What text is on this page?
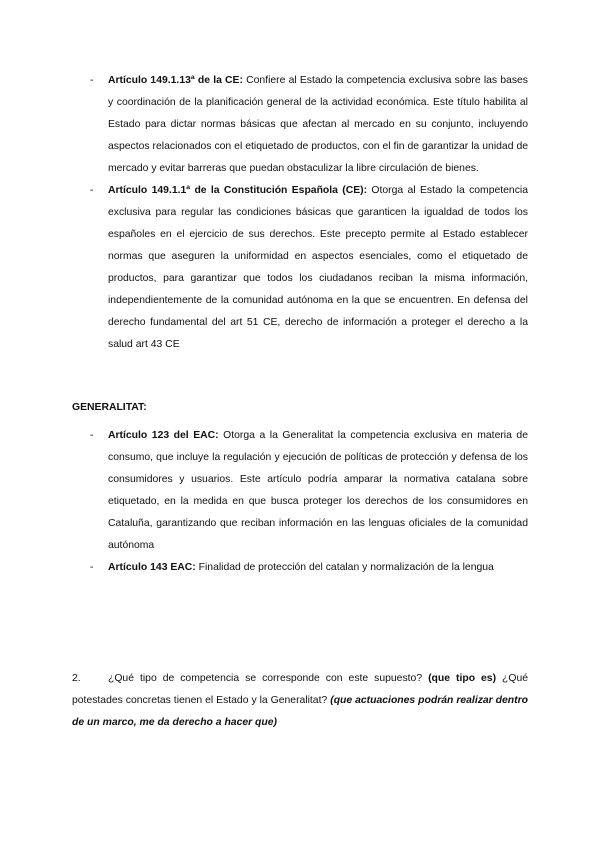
- Artículo 149.1.13ª de la CE: Confiere al Estado la competencia exclusiva sobre las bases y coordinación de la planificación general de la actividad económica. Este título habilita al Estado para dictar normas básicas que afectan al mercado en su conjunto, incluyendo aspectos relacionados con el etiquetado de productos, con el fin de garantizar la unidad de mercado y evitar barreras que puedan obstaculizar la libre circulación de bienes.
- Artículo 149.1.1ª de la Constitución Española (CE): Otorga al Estado la competencia exclusiva para regular las condiciones básicas que garanticen la igualdad de todos los españoles en el ejercicio de sus derechos. Este precepto permite al Estado establecer normas que aseguren la uniformidad en aspectos esenciales, como el etiquetado de productos, para garantizar que todos los ciudadanos reciban la misma información, independientemente de la comunidad autónoma en la que se encuentren. En defensa del derecho fundamental del art 51 CE, derecho de información a proteger el derecho a la salud art 43 CE
GENERALITAT:
- Artículo 123 del EAC: Otorga a la Generalitat la competencia exclusiva en materia de consumo, que incluye la regulación y ejecución de políticas de protección y defensa de los consumidores y usuarios. Este artículo podría amparar la normativa catalana sobre etiquetado, en la medida en que busca proteger los derechos de los consumidores en Cataluña, garantizando que reciban información en las lenguas oficiales de la comunidad autónoma
- Artículo 143 EAC: Finalidad de protección del catalan y normalización de la lengua
2.	¿Qué tipo de competencia se corresponde con este supuesto? (que tipo es) ¿Qué potestades concretas tienen el Estado y la Generalitat? (que actuaciones podrán realizar dentro de un marco, me da derecho a hacer que)
